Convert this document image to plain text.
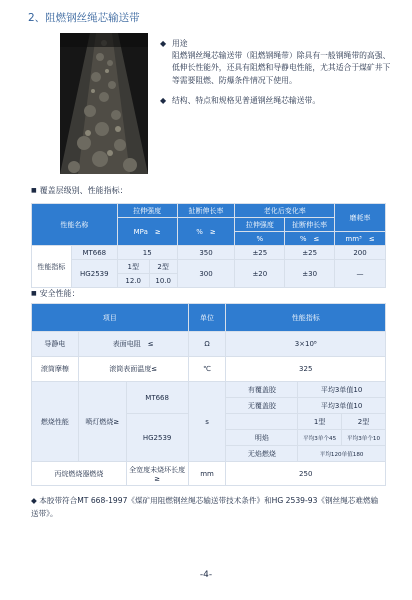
2、阻燃钢丝绳芯输送带
◆ 用途
阻燃钢丝绳芯输送带（阻燃钢绳带）除具有一般钢绳带的高强、低伸长性能外，还具有阻燃和导静电性能，尤其适合于煤矿井下等需要阻燃、防爆条件情况下使用。
◆ 结构、特点和规格见普通钢丝绳芯输送带。
■ 覆盖层级别、性能指标：
性能名称		拉伸强度		扯断伸长率	老化后变化率		磨耗率
		MPa　≥		%　≥	拉伸强度	扯断伸长率	
					%	%　≤	mm³　≤
性能指标	MT668	15		350	±25	±25	200
	HG2539	1型	2型	300	±20	±30	—
		12.0	10.0				
■ 安全性能：
项目			单位	性能指标		
导静电	表面电阻　≤		Ω	3×10⁸		
滚筒摩檫	滚筒表面温度≤		℃	325		
燃烧性能	喷灯燃烧≥	MT668	s	有覆盖胶	平均3单值10	
				无覆盖胶	平均3单值10	
		HG2539			1型	2型
				明焰	平均3单个45	平均3单个10
				无焰燃烧	平均120单值180	

丙烷燃烧器燃烧		全宽度未烧坏长度≥	mm	250		
◆ 本胶带符合MT 668-1997《煤矿用阻燃钢丝绳芯输送带技术条件》和HG 2539-93《钢丝绳芯难燃输送带》。
-4-
